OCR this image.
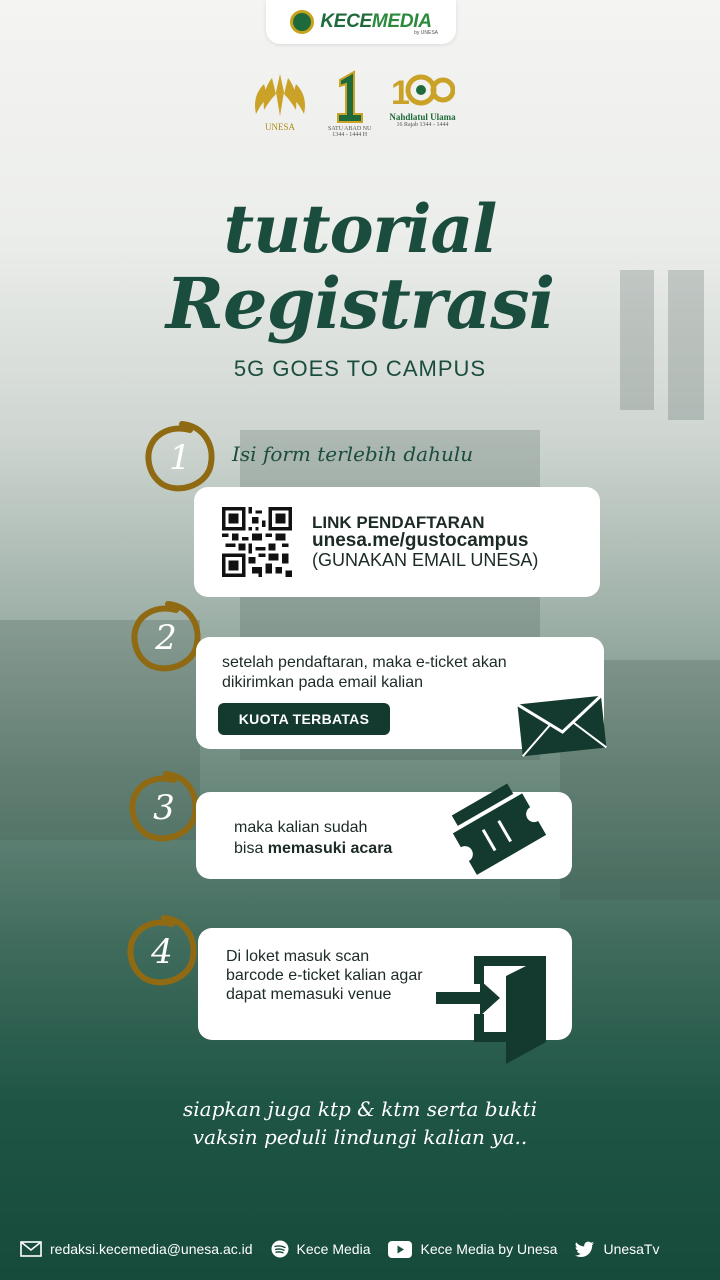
KECEMEDIA
by UNESA
UNESA	SATU ABAD NU
1344 - 1444 H
1
Nahdlatul Ulama
16 Rajab 1344 - 1444
tutorial
Registrasi
5G GOES TO CAMPUS
1 Isi form terlebih dahulu
LINK PENDAFTARAN
unesa.me/gustocampus
(GUNAKAN EMAIL UNESA)
2
setelah pendaftaran, maka e-ticket akan dikirimkan pada email kalian
KUOTA TERBATAS
3	maka kalian sudah
bisa memasuki acara
4	Di loket masuk scan barcode e-ticket kalian agar dapat memasuki venue
siapkan juga ktp & ktm serta bukti
vaksin peduli lindungi kalian ya..
redaksi.kecemedia@unesa.ac.id	Kece Media	Kece Media by Unesa	UnesaTv
